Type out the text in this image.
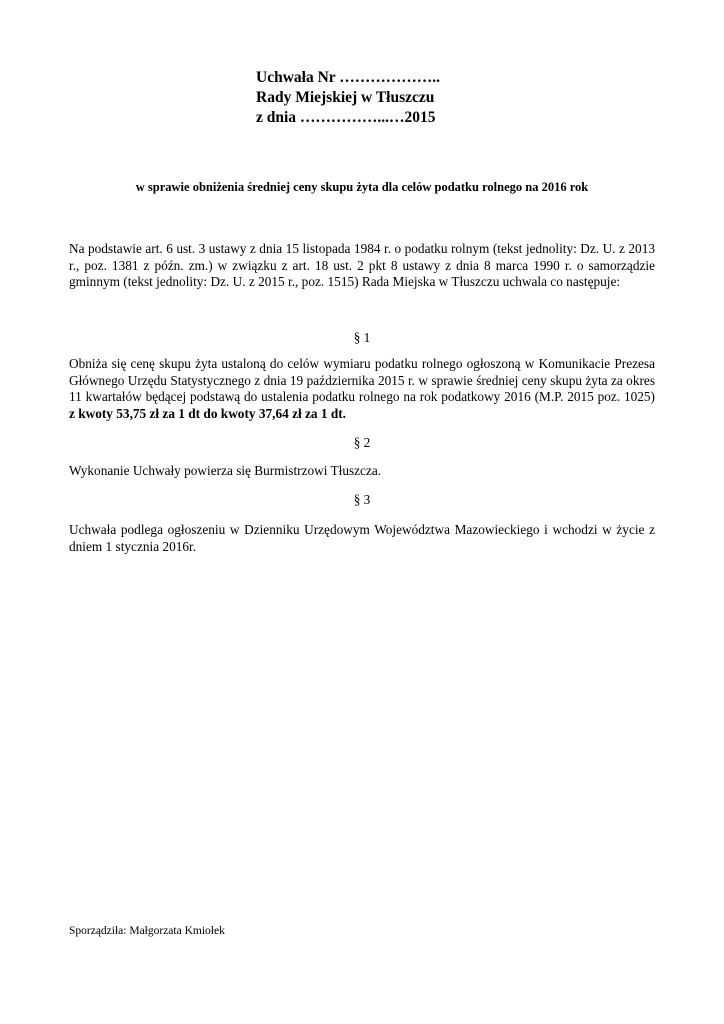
Uchwała Nr ………………..
Rady Miejskiej w Tłuszczu
z dnia ……………...…2015
w sprawie obniżenia średniej ceny skupu żyta dla celów podatku rolnego na 2016 rok
Na podstawie art. 6 ust. 3 ustawy z dnia 15 listopada 1984 r. o podatku rolnym (tekst jednolity: Dz. U. z 2013 r., poz. 1381 z późn. zm.) w związku z art. 18 ust. 2 pkt 8 ustawy z dnia 8 marca 1990 r. o samorządzie gminnym (tekst jednolity: Dz. U. z 2015 r., poz. 1515) Rada Miejska w Tłuszczu uchwala co następuje:
§ 1
Obniża się cenę skupu żyta ustaloną do celów wymiaru podatku rolnego ogłoszoną w Komunikacie Prezesa Głównego Urzędu Statystycznego z dnia 19 października 2015 r. w sprawie średniej ceny skupu żyta za okres 11 kwartałów będącej podstawą do ustalenia podatku rolnego na rok podatkowy 2016 (M.P. 2015 poz. 1025) z kwoty 53,75 zł za 1 dt do kwoty 37,64 zł za 1 dt.
§ 2
Wykonanie Uchwały powierza się Burmistrzowi Tłuszcza.
§ 3
Uchwała podlega ogłoszeniu w Dzienniku Urzędowym Województwa Mazowieckiego i wchodzi w życie z dniem 1 stycznia 2016r.
Sporządziła: Małgorzata Kmiołek
